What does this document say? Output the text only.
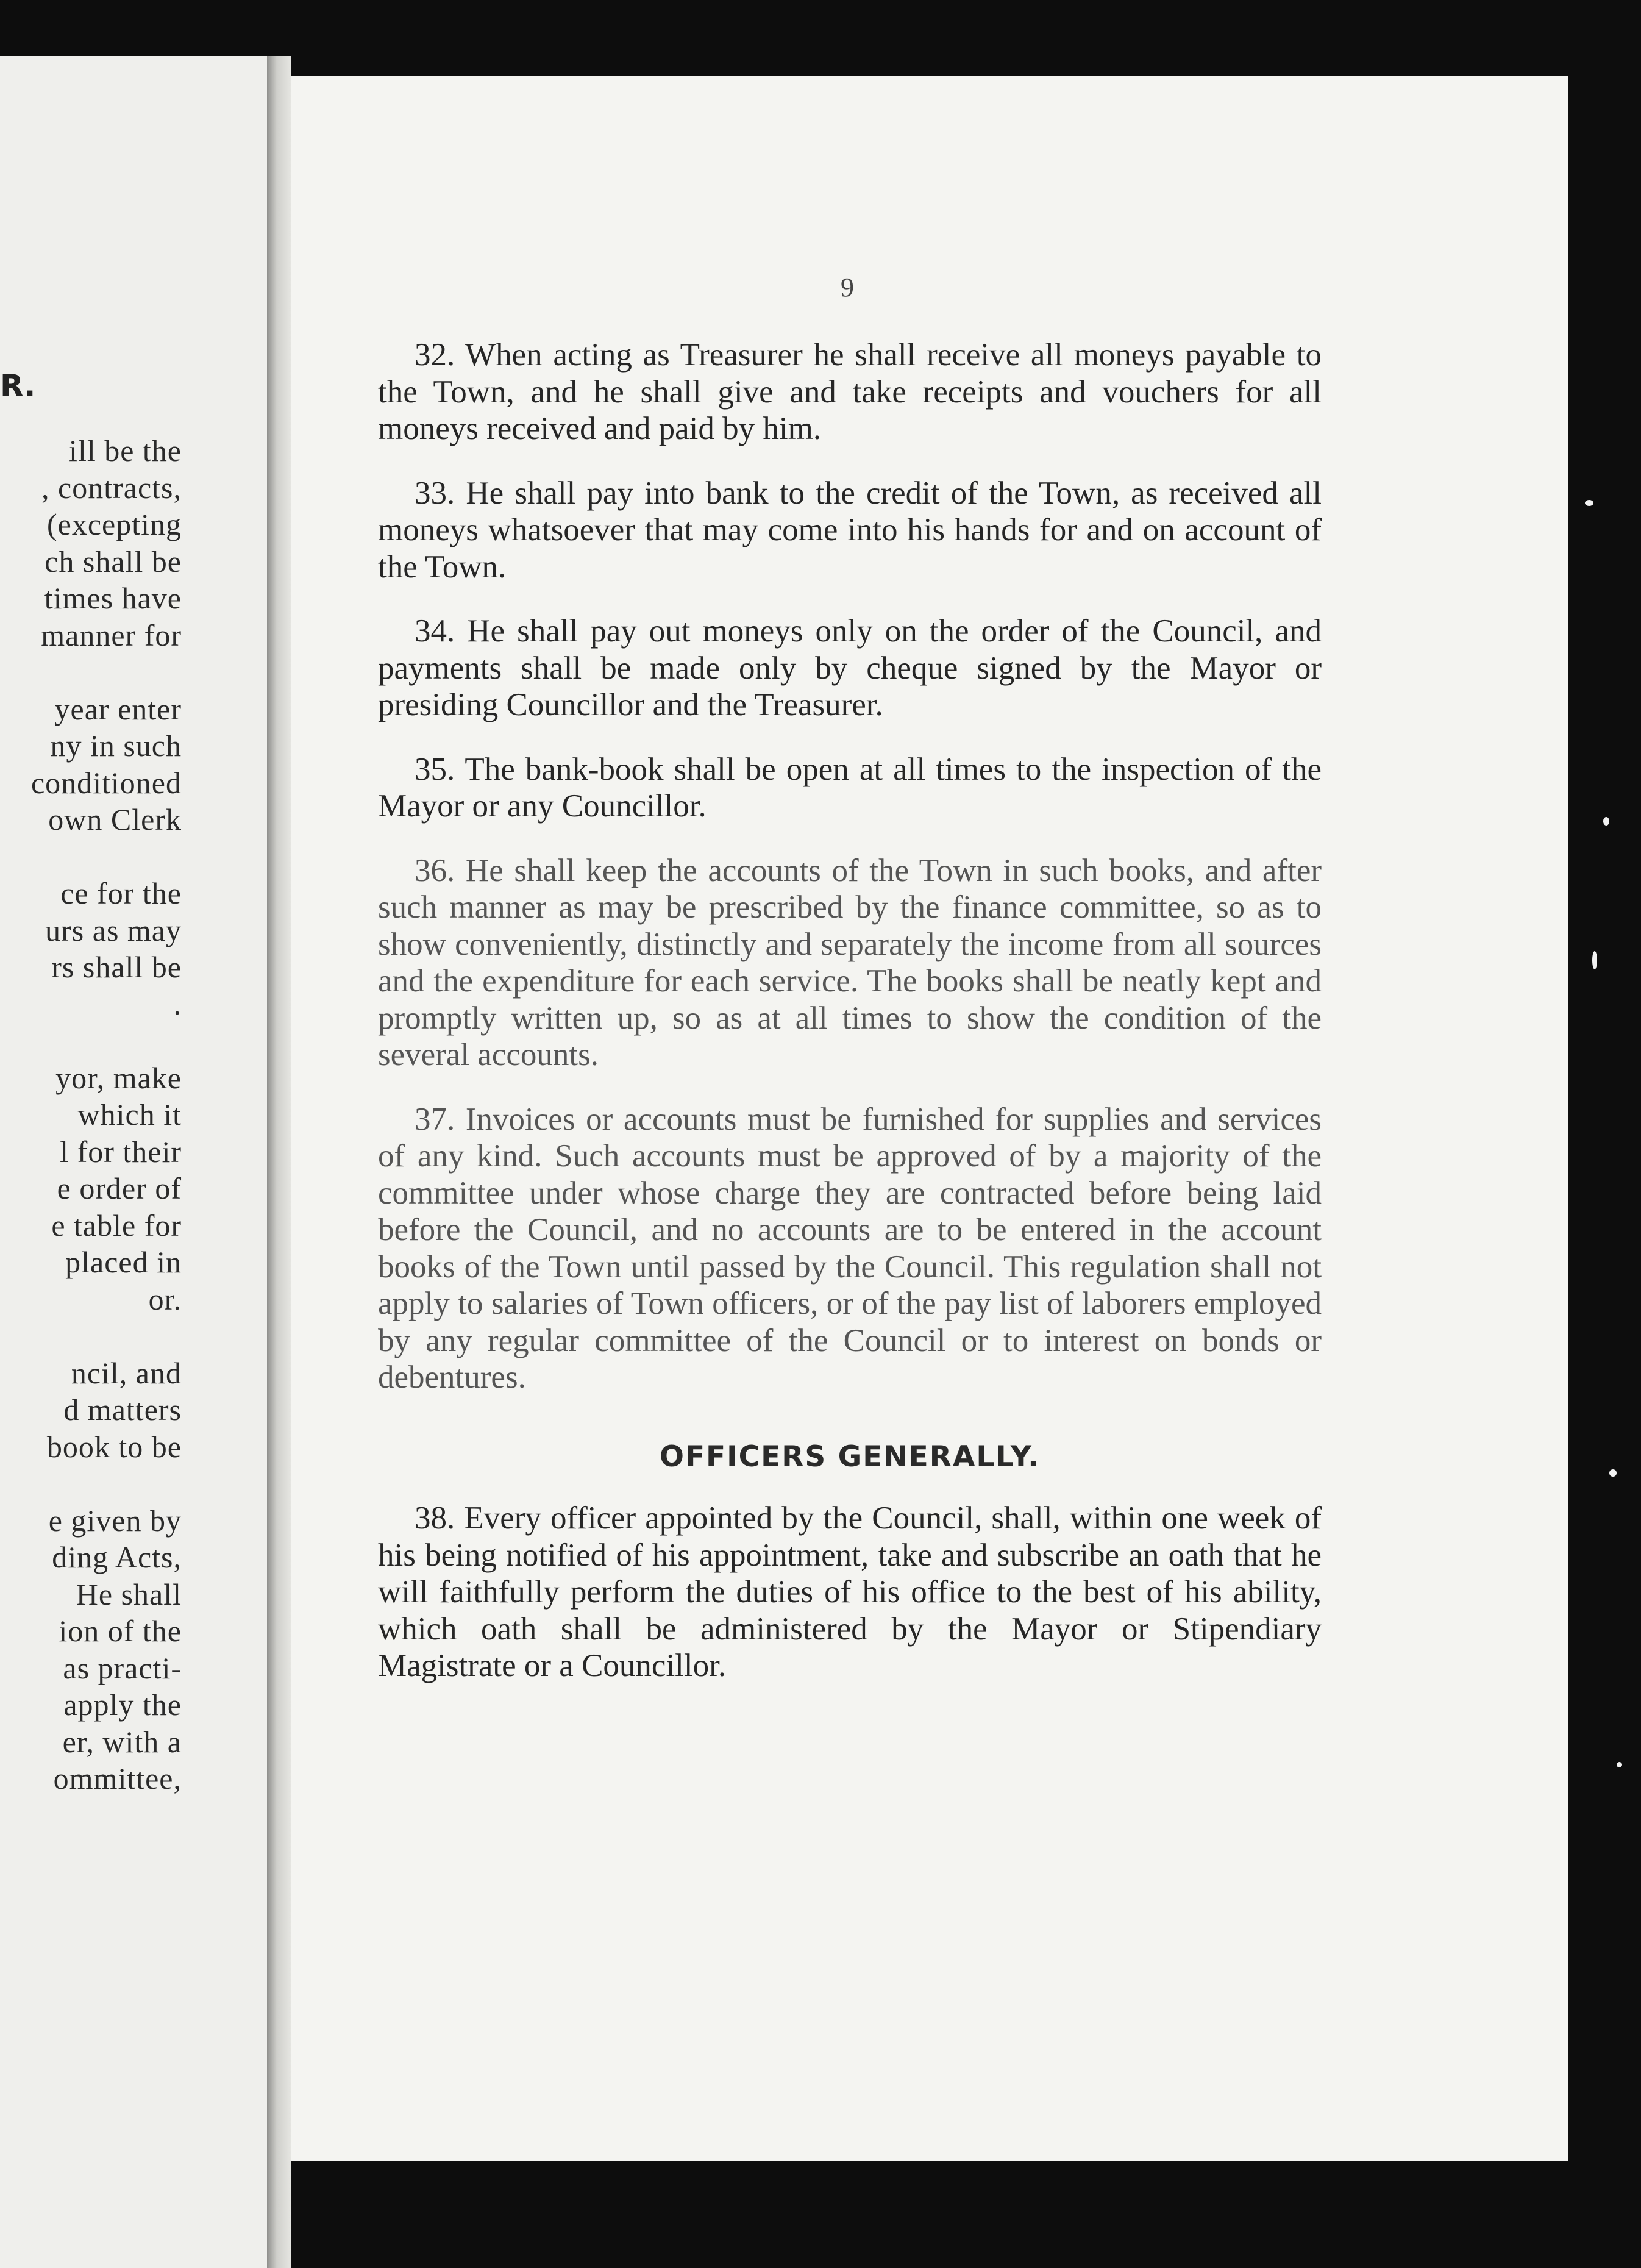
R.
ill be the
, contracts,
(excepting
ch shall be
times have
manner for
year enter
ny in such
conditioned
own Clerk
ce for the
urs as may
rs shall be
.
yor, make
which it
l for their
e order of
e table for
placed in
or.
ncil, and
d matters
book to be
e given by
ding Acts,
He shall
ion of the
as practi-
apply the
er, with a
ommittee,
9

32. When acting as Treasurer he shall receive all moneys payable to the Town, and he shall give and take receipts and vouchers for all moneys received and paid by him.

33. He shall pay into bank to the credit of the Town, as received all moneys whatsoever that may come into his hands for and on account of the Town.

34. He shall pay out moneys only on the order of the Council, and payments shall be made only by cheque signed by the Mayor or presiding Councillor and the Treasurer.

35. The bank-book shall be open at all times to the inspection of the Mayor or any Councillor.

36. He shall keep the accounts of the Town in such books, and after such manner as may be prescribed by the finance committee, so as to show conveniently, distinctly and separately the income from all sources and the expenditure for each service. The books shall be neatly kept and promptly written up, so as at all times to show the condition of the several accounts.

37. Invoices or accounts must be furnished for supplies and services of any kind. Such accounts must be approved of by a majority of the committee under whose charge they are contracted before being laid before the Council, and no accounts are to be entered in the account books of the Town until passed by the Council. This regulation shall not apply to salaries of Town officers, or of the pay list of laborers employed by any regular committee of the Council or to interest on bonds or debentures.

OFFICERS GENERALLY.

38. Every officer appointed by the Council, shall, within one week of his being notified of his appointment, take and subscribe an oath that he will faithfully perform the duties of his office to the best of his ability, which oath shall be administered by the Mayor or Stipendiary Magistrate or a Councillor.
